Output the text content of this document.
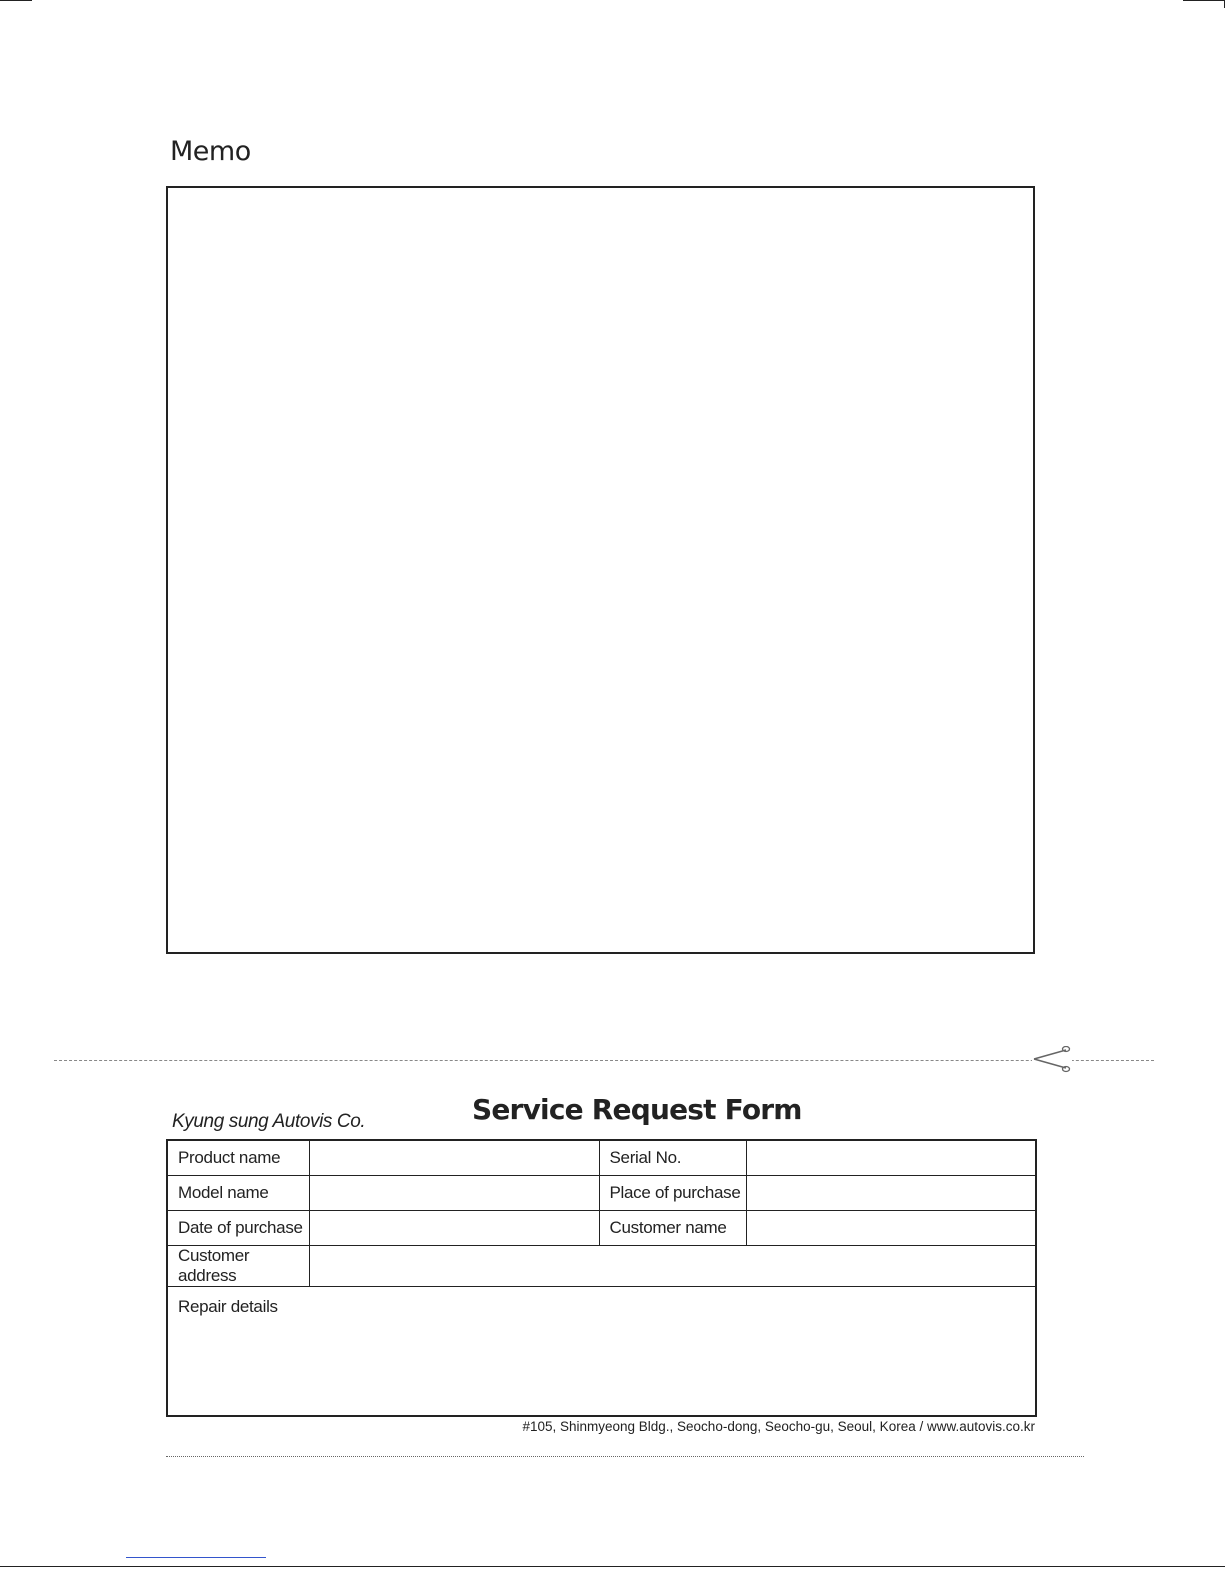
Memo
Kyung sung Autovis Co.	Service Request Form
Product name		Serial No.	
Model name		Place of purchase	
Date of purchase		Customer name	
Customer address			
Repair details			
#105, Shinmyeong Bldg., Seocho-dong, Seocho-gu, Seoul, Korea / www.autovis.co.kr
